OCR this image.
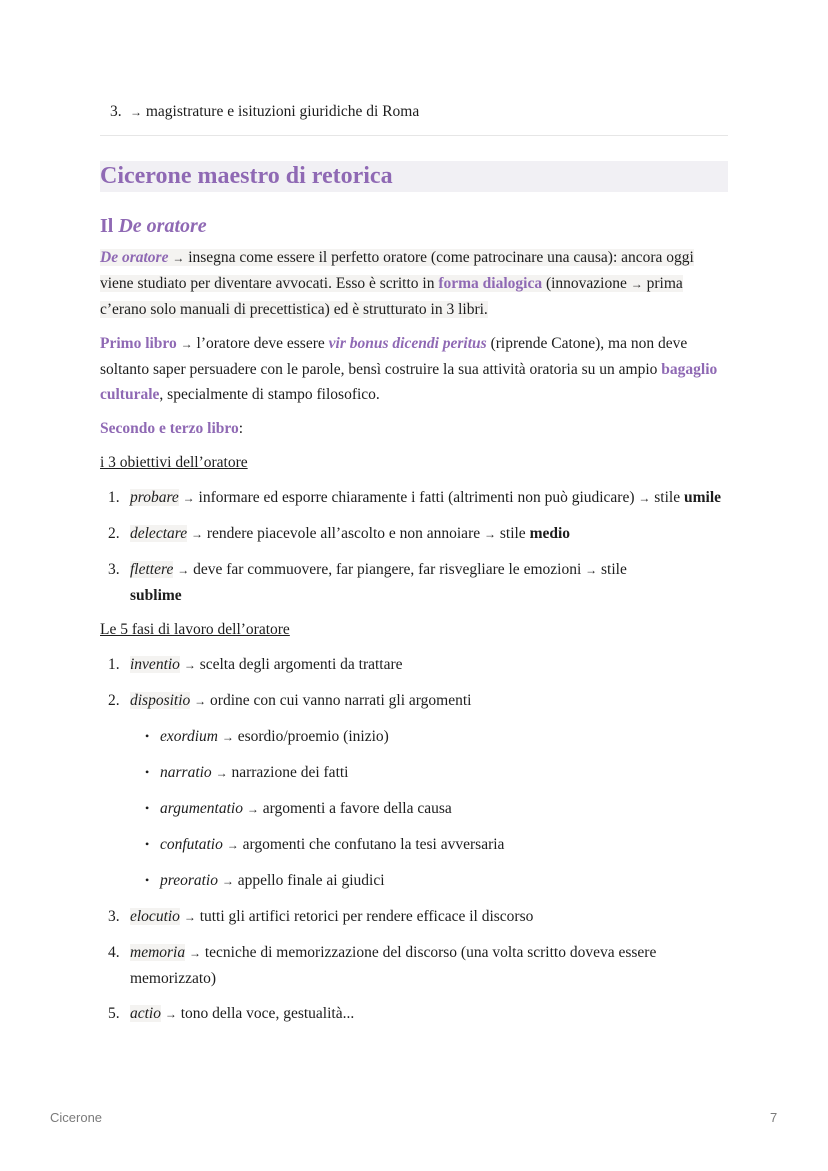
3. → magistrature e isituzioni giuridiche di Roma
Cicerone maestro di retorica
Il De oratore

De oratore → insegna come essere il perfetto oratore (come patrocinare una causa): ancora oggi viene studiato per diventare avvocati. Esso è scritto in forma dialogica (innovazione → prima c’erano solo manuali di precettistica) ed è strutturato in 3 libri.

Primo libro → l’oratore deve essere vir bonus dicendi peritus (riprende Catone), ma non deve soltanto saper persuadere con le parole, bensì costruire la sua attività oratoria su un ampio bagaglio culturale, specialmente di stampo filosofico.

Secondo e terzo libro:

i 3 obiettivi dell’oratore
1. probare → informare ed esporre chiaramente i fatti (altrimenti non può giudicare) → stile umile
2. delectare → rendere piacevole all’ascolto e non annoiare → stile medio
3. flettere → deve far commuovere, far piangere, far risvegliare le emozioni → stile
sublime
Le 5 fasi di lavoro dell’oratore
1. inventio → scelta degli argomenti da trattare
2. dispositio → ordine con cui vanno narrati gli argomenti
• exordium → esordio/proemio (inizio)
• narratio → narrazione dei fatti
• argumentatio → argomenti a favore della causa
• confutatio → argomenti che confutano la tesi avversaria
• preoratio → appello finale ai giudici
3. elocutio → tutti gli artifici retorici per rendere efficace il discorso
4. memoria → tecniche di memorizzazione del discorso (una volta scritto doveva essere memorizzato)
5. actio → tono della voce, gestualità...
Cicerone	7
